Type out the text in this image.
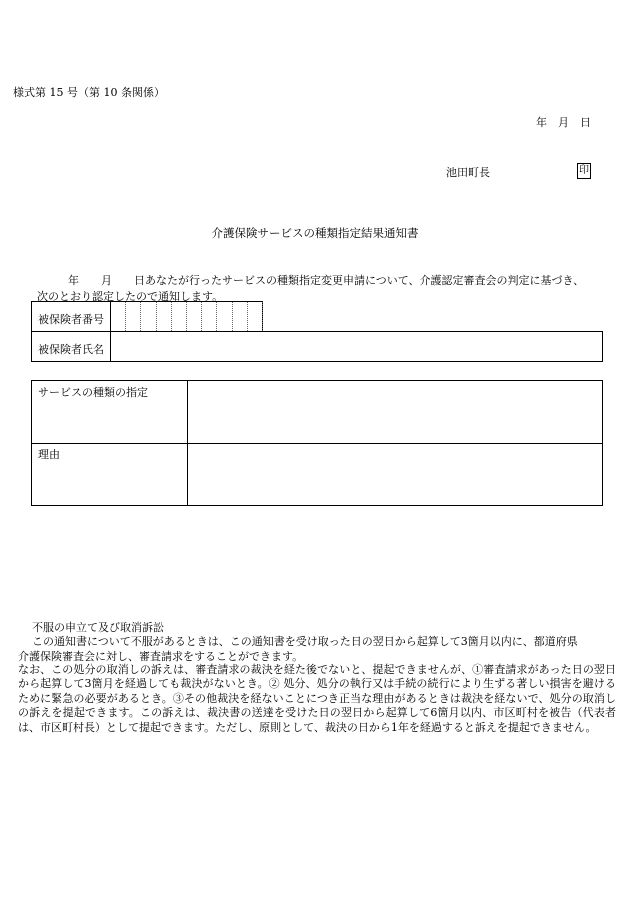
様式第 15 号（第 10 条関係）
年　月　日
池田町長	印
介護保険サービスの種類指定結果通知書
年　　月　　日あなたが行ったサービスの種類指定変更申請について、介護認定審査会の判定に基づき、
次のとおり認定したので通知します。
被保険者番号
被保険者氏名
サービスの種類の指定
理由
不服の申立て及び取消訴訟
この通知書について不服があるときは、この通知書を受け取った日の翌日から起算して3箇月以内に、都道府県
介護保険審査会に対し、審査請求をすることができます。
なお、この処分の取消しの訴えは、審査請求の裁決を経た後でないと、提起できませんが、①審査請求があった日の翌日から起算して3箇月を経過しても裁決がないとき。② 処分、処分の執行又は手続の続行により生ずる著しい損害を避けるために緊急の必要があるとき。③その他裁決を経ないことにつき正当な理由があるときは裁決を経ないで、処分の取消しの訴えを提起できます。この訴えは、裁決書の送達を受けた日の翌日から起算して6箇月以内、市区町村を被告（代表者は、市区町村長）として提起できます。ただし、原則として、裁決の日から1年を経過すると訴えを提起できません。
